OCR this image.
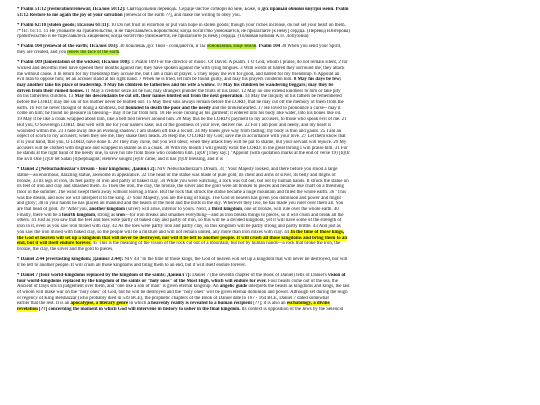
* Psalm 51:12 [restoration/renewal; Псалом 50:12]: Святодольний переводъ. Сердце чистое сотвори во мне, Боже, и дух правый обнови внутри меня. Psalm
51:12 Restore to me again the joy of your salvation [renewal of the earth ??], and make me willing to obey you.
* Psalm 62:10 [stolen goods; Псалом 61:11]: 10 Do not trust in extortion or put vain hope in stolen goods; though your riches increase, do not set your heart on them.
/* Пс. 61:11. 11 Не уповайте на грабительство, и не тщеславьтесь воровством; когда богатство умножается, не прилагайте [к нему] сердца. (Перевод Юнгерова)
грабительство и не тщеславьтесь хищением; когда богатство умножается, не прилагайте [к нему] сердца. (Толковая Библия А.П. Лопухина)
* Psalm 104 [renewal of the earth; Псалом 103]: 30 пошлешь дух Твой - созидаются, и Ты обновляешь лице земли. Psalm 104 30 When you send your Spirit,
they are created, and you renew the face of the earth.
* Psalm 109 [lamentation of the wicked; Псалом 108]: 1 Psalm 109 For the director of music. Of David. A psalm. 1 O God, whom I praise, do not remain silent, 2 for
wicked and deceitful men have opened their mouths against me; they have spoken against me with lying tongues. 3 With words of hatred they surround me; they attack
me without cause. 4 In return for my friendship they accuse me, but I am a man of prayer. 5 They repay me evil for good, and hatred for my friendship. 6 Appoint an
evil man to oppose him; let an accuser stand at his right hand. 7 When he is tried, let him be found guilty, and may his prayers condemn him. 8 May his days be few;
may another take his place of leadership. 9 May his children be fatherless and his wife a widow. 10 May his children be wandering beggars; may they be
driven from their ruined homes. 11 May a creditor seize all he has; may strangers plunder the fruits of his labor. 12 May no one extend kindness to him or take pity
on his fatherless children. 13 May his descendants be cut off, their names blotted out from the next generation. 14 May the iniquity of his fathers be remembered
before the LORD; may the sin of his mother never be blotted out. 15 May their sins always remain before the LORD, that he may cut off the memory of them from the
earth. 16 For he never thought of doing a kindness, but hounded to death the poor and the needy and the brokenhearted. 17 He loved to pronounce a curse-- may it
come on him; he found no pleasure in blessing-- may it be far from him. 18 He wore cursing as his garment; it entered into his body like water, into his bones like oil.
19 May it be like a cloak wrapped about him, like a belt tied forever around him. 20 May this be the LORD's payment to my accusers, to those who speak evil of me. 21
But you, O Sovereign LORD, deal well with me for your name's sake; out of the goodness of your love, deliver me. 22 For I am poor and needy, and my heart is
wounded within me. 23 I fade away like an evening shadow; I am shaken off like a locust. 24 My knees give way from fasting; my body is thin and gaunt. 25 I am an
object of scorn to my accusers; when they see me, they shake their heads. 26 Help me, O LORD my God; save me in accordance with your love. 27 Let them know that
it is your hand, that you, O LORD, have done it. 28 They may curse, but you will bless; when they attack they will be put to shame, but your servant will rejoice. 29 My
accusers will be clothed with disgrace and wrapped in shame as in a cloak. 30 With my mouth I will greatly extol the LORD; in the great throng I will praise him. 31 For
he stands at the right hand of the needy one, to save his life from those who condemn him. [a]Or [They say:] "Appoint (with quotation marks at the end of verse 19) [b]Or
the Evil One [c]Or let Satan [d]Septuagint; Hebrew sought [e]Or came, and it has [f]Or blessing, and it is
* Daniel 2 [Nebuchadnezzar's Dream - four kingdoms; Даниил 2]: NIV Nebuchadnezzar's Dream. 31 "Your Majesty looked, and there before you stood a large
statue—an enormous, dazzling statue, awesome in appearance. 32 The head of the statue was made of pure gold, its chest and arms of silver, its belly and thighs of
bronze, 33 its legs of iron, its feet partly of iron and partly of baked clay. 34 While you were watching, a rock was cut out, but not by human hands. It struck the statue on
its feet of iron and clay and smashed them. 35 Then the iron, the clay, the bronze, the silver and the gold were all broken to pieces and became like chaff on a threshing
floor in the summer. The wind swept them away without leaving a trace. But the rock that struck the statue became a huge mountain and filled the whole earth. 36 "This
was the dream, and now we will interpret it to the king. 37 Your Majesty, you are the king of kings. The God of heaven has given you dominion and power and might
and glory; 38 in your hands he has placed all mankind and the beasts of the field and the birds in the sky. Wherever they live, he has made you ruler over them all. You
are that head of gold. 39 "After you, another kingdom (silver) will arise, inferior to yours. Next, a third kingdom, one of bronze, will rule over the whole earth. 40
Finally, there will be a fourth kingdom, strong as iron—for iron breaks and smashes everything—and as iron breaks things to pieces, so it will crush and break all the
others. 41 Just as you saw that the feet and toes were partly of baked clay and partly of iron, so this will be a divided kingdom; yet it will have some of the strength of
iron in it, even as you saw iron mixed with clay. 42 As the toes were partly iron and partly clay, so this kingdom will be partly strong and partly brittle. 43 And just as
you saw the iron mixed with baked clay, so the people will be a mixture and will not remain united, any more than iron mixes with clay. 44 In the time of those kings,
the God of heaven will set up a kingdom that will never be destroyed, nor will it be left to another people. It will crush all those kingdoms and bring them to an
end, but it will itself endure forever. 45 This is the meaning of the vision of the rock cut out of a mountain, but not by human hands—a rock that broke the iron, the
bronze, the clay, the silver and the gold to pieces.
* Daniel 2:44 [everlasting kingdom; Даниил 2:44]: NIV 44 "In the time of those kings, the God of heaven will set up a kingdom that will never be destroyed, nor will
it be left to another people. It will crush all those kingdoms and bring them to an end, but it will itself endure forever.
* Daniel 7 [four world-kingdoms replaced by the kingdom of the saints; Даниил 7]: Daniel 7 (the seventh chapter of the Book of Daniel) tells of Daniel's vision of
four world-kingdoms replaced by the kingdom of the saints or "holy ones" of the Most High, which will endure for ever. Four beasts come out of the sea, the
Ancient of Days sits in judgement over them, and "one like a son of man" is given eternal kingship. An angelic guide interprets the beasts as kingdoms and kings, the last
of whom will make war on the "holy ones" of God, but he will be destroyed and the "holy ones" will be given eternal dominion and power. Although set during the reign
or regency of King Belshazzar (who probably died in 539 BCE), the prophetic chapters of the Book of Daniel date to 167 - 164 BCE, Daniel 7 dated somewhat
earlier that the rest. It is an apocalypse, a literary genre in which a heavenly reality is revealed to a human recipient [??]; it is also an eschatology, a divine
revelation [??] concerning the moment in which God will intervene in history to usher in the final kingdom. Its context is opposition of the Jews by the Seleucid
